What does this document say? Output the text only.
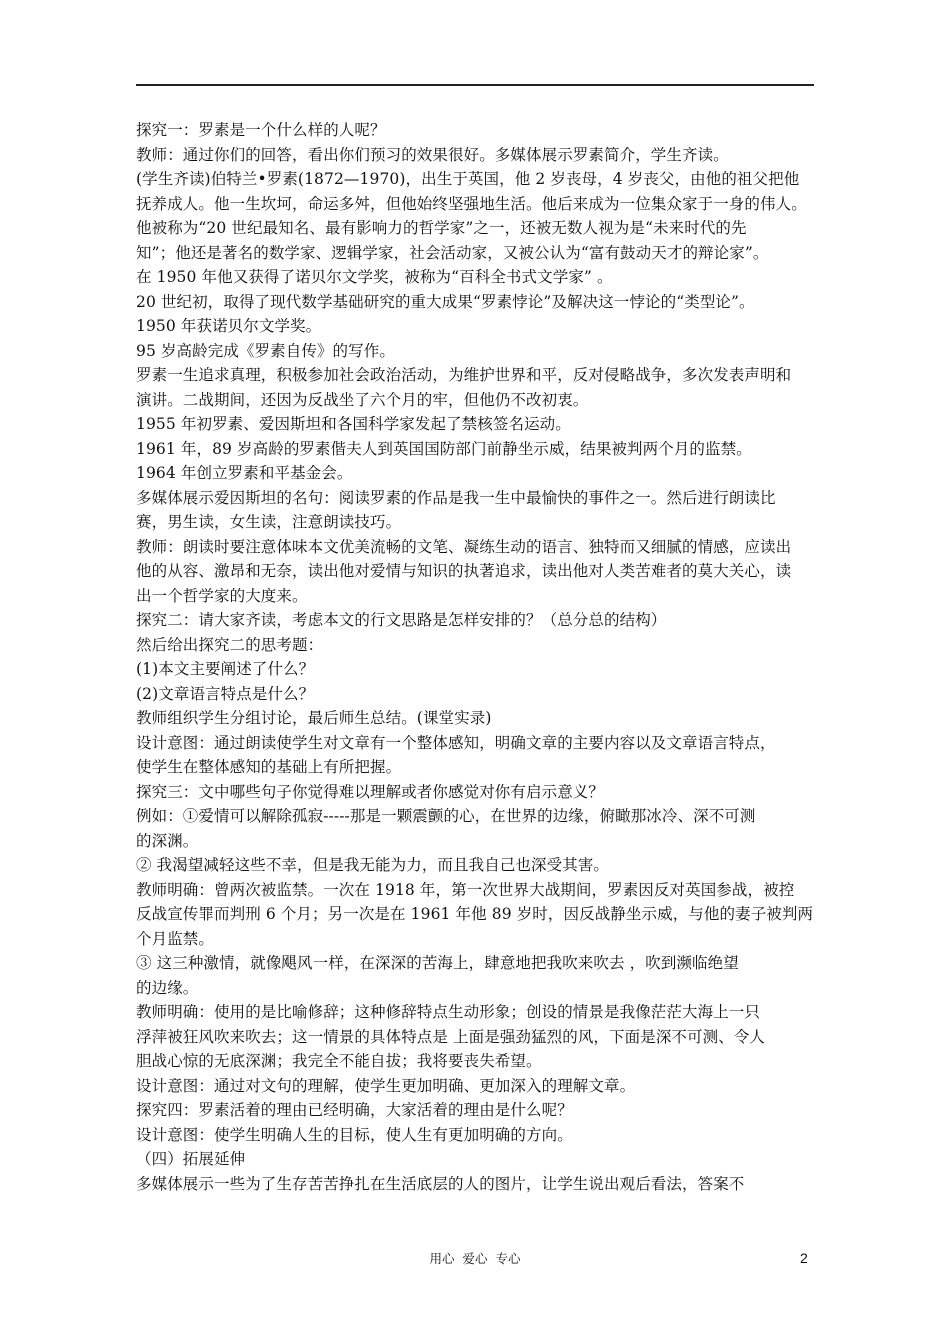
探究一：罗素是一个什么样的人呢？
教师：通过你们的回答，看出你们预习的效果很好。多媒体展示罗素简介，学生齐读。
(学生齐读)伯特兰•罗素(1872—1970)，出生于英国，他 2 岁丧母，4 岁丧父，由他的祖父把他
抚养成人。他一生坎坷，命运多舛，但他始终坚强地生活。他后来成为一位集众家于一身的伟人。
他被称为“20 世纪最知名、最有影响力的哲学家”之一，还被无数人视为是“未来时代的先
知”；他还是著名的数学家、逻辑学家，社会活动家，又被公认为“富有鼓动天才的辩论家”。
在 1950 年他又获得了诺贝尔文学奖，被称为“百科全书式文学家” 。
20 世纪初，取得了现代数学基础研究的重大成果“罗素悖论”及解决这一悖论的“类型论”。
1950 年获诺贝尔文学奖。
95 岁高龄完成《罗素自传》的写作。
罗素一生追求真理，积极参加社会政治活动，为维护世界和平，反对侵略战争，多次发表声明和
演讲。二战期间，还因为反战坐了六个月的牢，但他仍不改初衷。
1955 年初罗素、爱因斯坦和各国科学家发起了禁核签名运动。
1961 年，89 岁高龄的罗素偕夫人到英国国防部门前静坐示威，结果被判两个月的监禁。
1964 年创立罗素和平基金会。
多媒体展示爱因斯坦的名句：阅读罗素的作品是我一生中最愉快的事件之一。然后进行朗读比
赛，男生读，女生读，注意朗读技巧。
教师：朗读时要注意体味本文优美流畅的文笔、凝练生动的语言、独特而又细腻的情感，应读出
他的从容、激昂和无奈，读出他对爱情与知识的执著追求，读出他对人类苦难者的莫大关心，读
出一个哲学家的大度来。
探究二：请大家齐读，考虑本文的行文思路是怎样安排的？（总分总的结构）
然后给出探究二的思考题：
(1)本文主要阐述了什么？
(2)文章语言特点是什么？
教师组织学生分组讨论，最后师生总结。(课堂实录)
设计意图：通过朗读使学生对文章有一个整体感知，明确文章的主要内容以及文章语言特点，
使学生在整体感知的基础上有所把握。
探究三：文中哪些句子你觉得难以理解或者你感觉对你有启示意义？
例如：①爱情可以解除孤寂-----那是一颗震颤的心，在世界的边缘，俯瞰那冰冷、深不可测
的深渊。
② 我渴望减轻这些不幸，但是我无能为力，而且我自己也深受其害。
教师明确：曾两次被监禁。一次在 1918 年，第一次世界大战期间，罗素因反对英国参战，被控
反战宣传罪而判刑 6 个月；另一次是在 1961 年他 89 岁时，因反战静坐示威，与他的妻子被判两
个月监禁。
③ 这三种激情，就像飓风一样，在深深的苦海上，肆意地把我吹来吹去 ，吹到濒临绝望
的边缘。
教师明确：使用的是比喻修辞；这种修辞特点生动形象；创设的情景是我像茫茫大海上一只
浮萍被狂风吹来吹去；这一情景的具体特点是 上面是强劲猛烈的风，下面是深不可测、令人
胆战心惊的无底深渊；我完全不能自拔；我将要丧失希望。
设计意图：通过对文句的理解，使学生更加明确、更加深入的理解文章。
探究四：罗素活着的理由已经明确，大家活着的理由是什么呢？
设计意图：使学生明确人生的目标，使人生有更加明确的方向。
（四）拓展延伸
多媒体展示一些为了生存苦苦挣扎在生活底层的人的图片，让学生说出观后看法，答案不
用心  爱心  专心	2
